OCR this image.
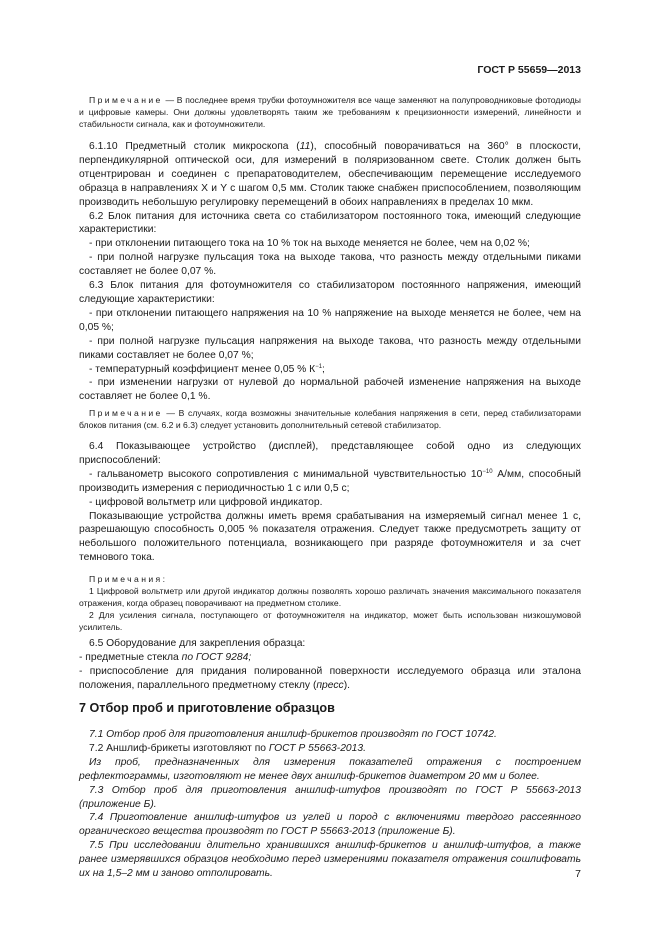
ГОСТ Р 55659—2013

Примечание — В последнее время трубки фотоумножителя все чаще заменяют на полупроводниковые фотодиоды и цифровые камеры. Они должны удовлетворять таким же требованиям к прецизионности измерений, линейности и стабильности сигнала, как и фотоумножители.

6.1.10 Предметный столик микроскопа (11), способный поворачиваться на 360° в плоскости, перпендикулярной оптической оси, для измерений в поляризованном свете. Столик должен быть отцентрирован и соединен с препаратоводителем, обеспечивающим перемещение исследуемого образца в направлениях Х и Y с шагом 0,5 мм. Столик также снабжен приспособлением, позволяющим производить небольшую регулировку перемещений в обоих направлениях в пределах 10 мкм.

6.2 Блок питания для источника света со стабилизатором постоянного тока, имеющий следующие характеристики:

- при отклонении питающего тока на 10 % ток на выходе меняется не более, чем на 0,02 %;

- при полной нагрузке пульсация тока на выходе такова, что разность между отдельными пиками составляет не более 0,07 %.

6.3 Блок питания для фотоумножителя со стабилизатором постоянного напряжения, имеющий следующие характеристики:

- при отклонении питающего напряжения на 10 % напряжение на выходе меняется не более, чем на 0,05 %;

- при полной нагрузке пульсация напряжения на выходе такова, что разность между отдельными пиками составляет не более 0,07 %;

- температурный коэффициент менее 0,05 % $К^{-1}$;

- при изменении нагрузки от нулевой до нормальной рабочей изменение напряжения на выходе составляет не более 0,1 %.

Примечание — В случаях, когда возможны значительные колебания напряжения в сети, перед стабилизаторами блоков питания (см. 6.2 и 6.3) следует установить дополнительный сетевой стабилизатор.

6.4 Показывающее устройство (дисплей), представляющее собой одно из следующих приспособлений:

- гальванометр высокого сопротивления с минимальной чувствительностью $10^{-10}$ А/мм, способный производить измерения с периодичностью 1 с или 0,5 с;

- цифровой вольтметр или цифровой индикатор.

Показывающие устройства должны иметь время срабатывания на измеряемый сигнал менее 1 с, разрешающую способность 0,005 % показателя отражения. Следует также предусмотреть защиту от небольшого положительного потенциала, возникающего при разряде фотоумножителя и за счет темнового тока.

Примечания:

1 Цифровой вольтметр или другой индикатор должны позволять хорошо различать значения максимального показателя отражения, когда образец поворачивают на предметном столике.

2 Для усиления сигнала, поступающего от фотоумножителя на индикатор, может быть использован низкошумовой усилитель.

6.5 Оборудование для закрепления образца:

- предметные стекла по ГОСТ 9284;

- приспособление для придания полированной поверхности исследуемого образца или эталона положения, параллельного предметному стеклу (пресс).

7 Отбор проб и приготовление образцов

7.1 Отбор проб для приготовления аншлиф-брикетов производят по ГОСТ 10742.

7.2 Аншлиф-брикеты изготовляют по ГОСТ Р 55663-2013.

Из проб, предназначенных для измерения показателей отражения с построением рефлектограммы, изготовляют не менее двух аншлиф-брикетов диаметром 20 мм и более.

7.3 Отбор проб для приготовления аншлиф-штуфов производят по ГОСТ Р 55663-2013 (приложение Б).

7.4 Приготовление аншлиф-штуфов из углей и пород с включениями твердого рассеянного органического вещества производят по ГОСТ Р 55663-2013 (приложение Б).

7.5 При исследовании длительно хранившихся аншлиф-брикетов и аншлиф-штуфов, а также ранее измерявшихся образцов необходимо перед измерениями показателя отражения сошлифовать их на 1,5–2 мм и заново отполировать.	7
